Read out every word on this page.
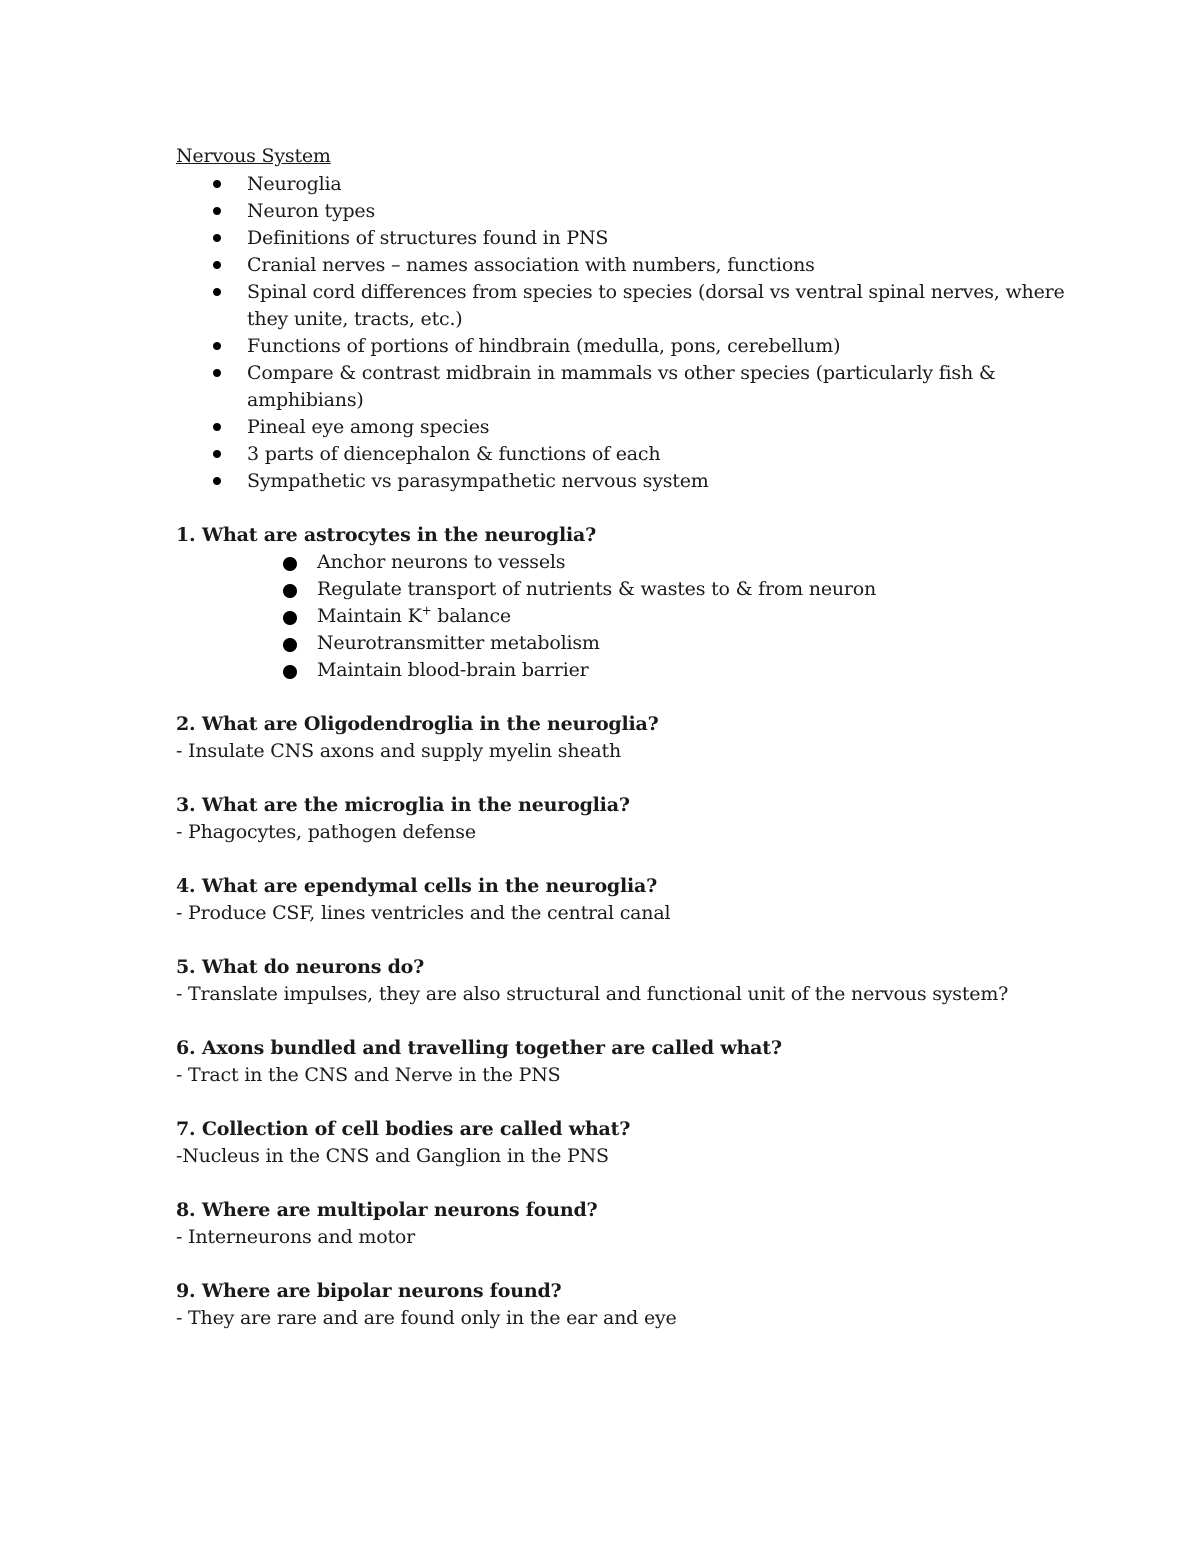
Nervous System
Neuroglia
Neuron types
Definitions of structures found in PNS
Cranial nerves – names association with numbers, functions
Spinal cord differences from species to species (dorsal vs ventral spinal nerves, where they unite, tracts, etc.)
Functions of portions of hindbrain (medulla, pons, cerebellum)
Compare & contrast midbrain in mammals vs other species (particularly fish & amphibians)
Pineal eye among species
3 parts of diencephalon & functions of each
Sympathetic vs parasympathetic nervous system

1. What are astrocytes in the neuroglia?

Anchor neurons to vessels
Regulate transport of nutrients & wastes to & from neuron
Maintain K+ balance
Neurotransmitter metabolism
Maintain blood-brain barrier

2. What are Oligodendroglia in the neuroglia?

- Insulate CNS axons and supply myelin sheath

3. What are the microglia in the neuroglia?

- Phagocytes, pathogen defense

4. What are ependymal cells in the neuroglia?

- Produce CSF, lines ventricles and the central canal

5. What do neurons do?

- Translate impulses, they are also structural and functional unit of the nervous system?

6. Axons bundled and travelling together are called what?

- Tract in the CNS and Nerve in the PNS

7. Collection of cell bodies are called what?

-Nucleus in the CNS and Ganglion in the PNS

8. Where are multipolar neurons found?

- Interneurons and motor

9. Where are bipolar neurons found?

- They are rare and are found only in the ear and eye
